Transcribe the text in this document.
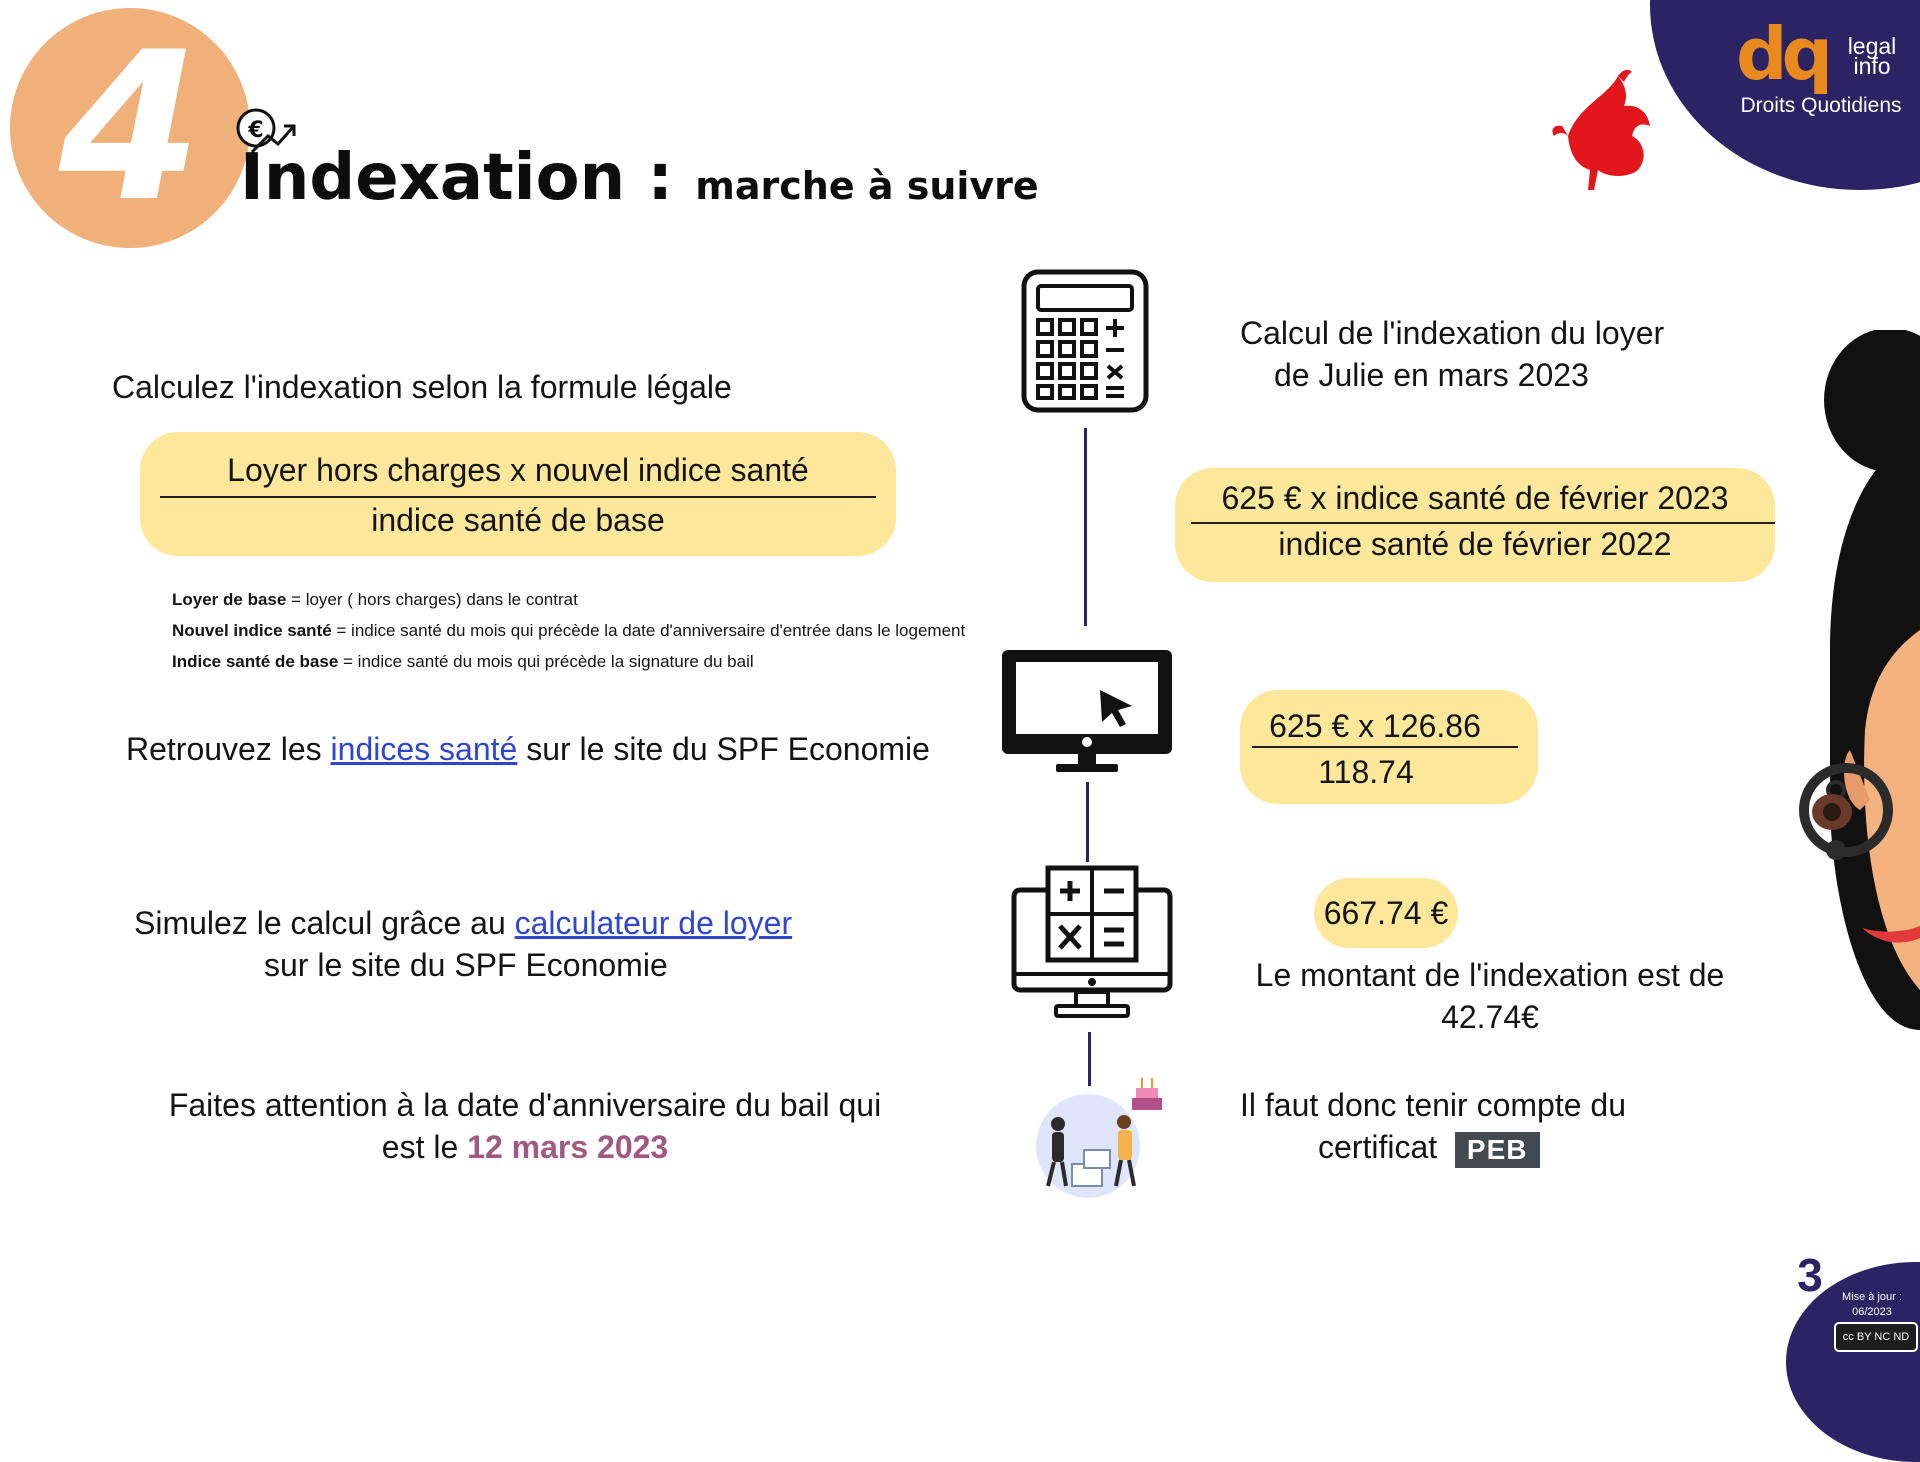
4	€
Indexation : marche à suivre
dq legal info
Droits Quotidiens
Calculez l'indexation selon la formule légale
Loyer hors charges x nouvel indice santé
indice santé de base
Loyer de base = loyer ( hors charges) dans le contrat
Nouvel indice santé = indice santé du mois qui précède la date d'anniversaire d'entrée dans le logement
Indice santé de base = indice santé du mois qui précède la signature du bail
Retrouvez les indices santé sur le site du SPF Economie
Simulez le calcul grâce au calculateur de loyer
sur le site du SPF Economie
Faites attention à la date d'anniversaire du bail qui
est le 12 mars 2023
Calcul de l'indexation du loyer
de Julie en mars 2023
625 € x indice santé de février 2023
indice santé de février 2022
625 € x 126.86
118.74
667.74 €
Le montant de l'indexation est de
42.74€
Il faut donc tenir compte du
certificat PEB
3	Mise à jour :
06/2023
cc BY NC ND
